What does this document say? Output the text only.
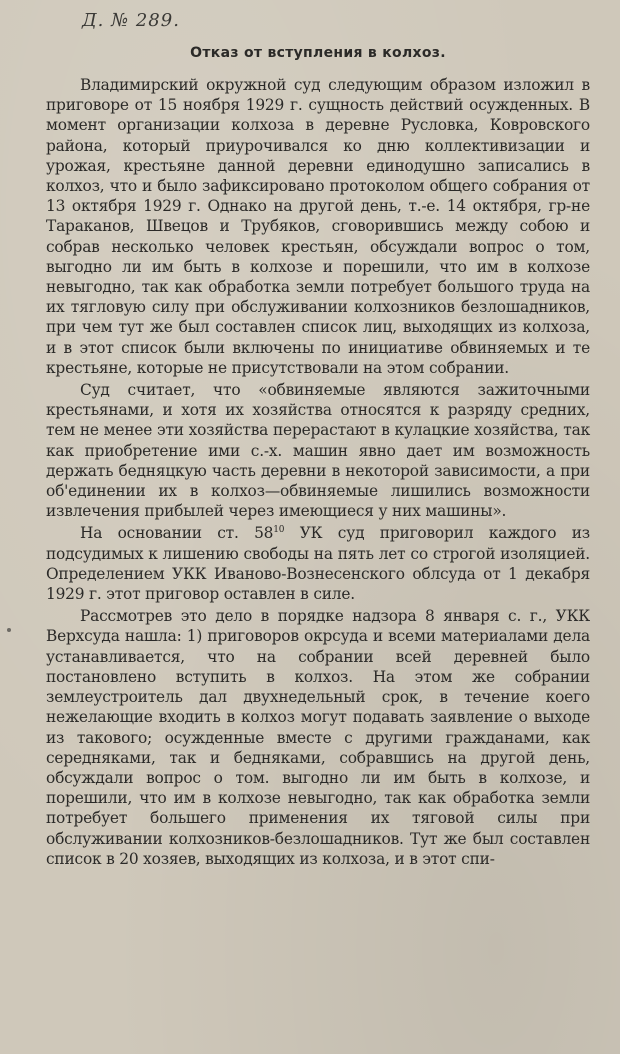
Д. № 289.
Отказ от вступления в колхоз.

Владимирский окружной суд следующим образом изложил в приговоре от 15 ноября 1929 г. сущность действий осужденных. В момент организации колхоза в деревне Русловка, Ковровского района, который приурочивался ко дню коллективизации и урожая, крестьяне данной деревни единодушно записались в колхоз, что и было зафиксировано протоколом общего собрания от 13 октября 1929 г. Однако на другой день, т.-е. 14 октября, гр-не Тараканов, Швецов и Трубяков, сговорившись между собою и собрав несколько человек крестьян, обсуждали вопрос о том, выгодно ли им быть в колхозе и порешили, что им в колхозе невыгодно, так как обработка земли потребует большого труда на их тягловую силу при обслуживании колхозников безлошадников, при чем тут же был составлен список лиц, выходящих из колхоза, и в этот список были включены по инициативе обвиняемых и те крестьяне, которые не присутствовали на этом собрании.

Суд считает, что «обвиняемые являются зажиточными крестьянами, и хотя их хозяйства относятся к разряду средних, тем не менее эти хозяйства перерастают в кулацкие хозяйства, так как приобретение ими с.-х. машин явно дает им возможность держать бедняцкую часть деревни в некоторой зависимости, а при об'единении их в колхоз—обвиняемые лишились возможности извлечения прибылей через имеющиеся у них машины».

На основании ст. $58^{10}$ УК суд приговорил каждого из подсудимых к лишению свободы на пять лет со строгой изоляцией. Определением УКК Иваново-Вознесенского облсуда от 1 декабря 1929 г. этот приговор оставлен в силе.

Рассмотрев это дело в порядке надзора 8 января с. г., УКК Верхсуда нашла: 1) приговоров окрсуда и всеми материалами дела устанавливается, что на собрании всей деревней было постановлено вступить в колхоз. На этом же собрании землеустроитель дал двухнедельный срок, в течение коего нежелающие входить в колхоз могут подавать заявление о выходе из такового; осужденные вместе с другими гражданами, как середняками, так и бедняками, собравшись на другой день, обсуждали вопрос о том. выгодно ли им быть в колхозе, и порешили, что им в колхозе невыгодно, так как обработка земли потребует большего применения их тяговой силы при обслуживании колхозников-безлошадников. Тут же был составлен список в 20 хозяев, выходящих из колхоза, и в этот спи-
